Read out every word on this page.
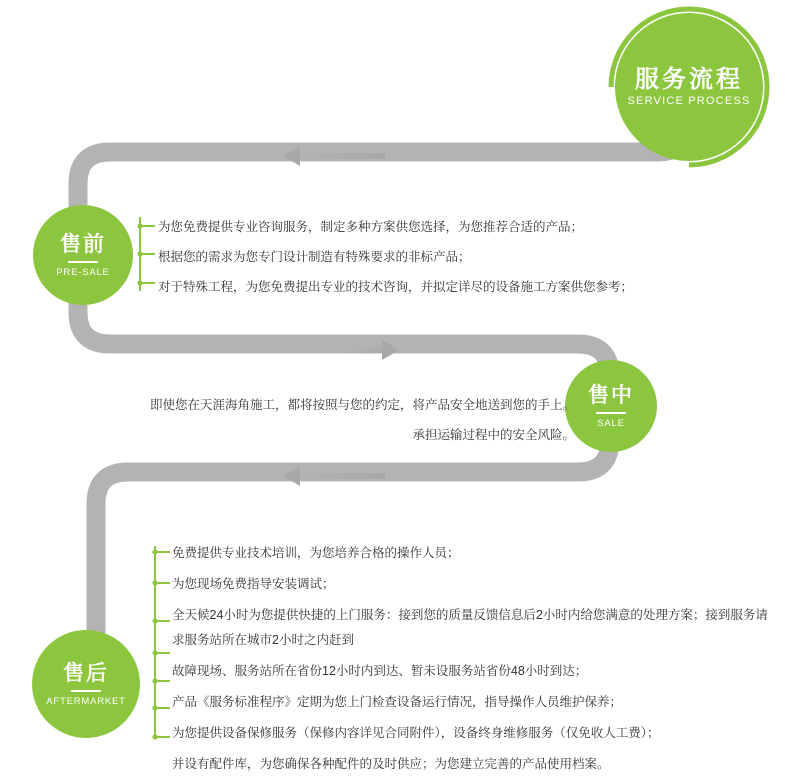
服务流程
SERVICE PROCESS
售前
PRE-SALE
售中
SALE
售后
AFTERMARKET
为您免费提供专业咨询服务，制定多种方案供您选择，为您推荐合适的产品；
根据您的需求为您专门设计制造有特殊要求的非标产品；
对于特殊工程，为您免费提出专业的技术咨询，并拟定详尽的设备施工方案供您参考；
即使您在天涯海角施工，都将按照与您的约定，将产品安全地送到您的手上。
承担运输过程中的安全风险。
免费提供专业技术培训，为您培养合格的操作人员；
为您现场免费指导安装调试；
全天候24小时为您提供快捷的上门服务：接到您的质量反馈信息后2小时内给您满意的处理方案；接到服务请求服务站所在城市2小时之内赶到
故障现场、服务站所在省份12小时内到达、暂未设服务站省份48小时到达；
产品《服务标准程序》定期为您上门检查设备运行情况，指导操作人员维护保养；
为您提供设备保修服务（保修内容详见合同附件），设备终身维修服务（仅免收人工费）；
并设有配件库，为您确保各种配件的及时供应；为您建立完善的产品使用档案。
